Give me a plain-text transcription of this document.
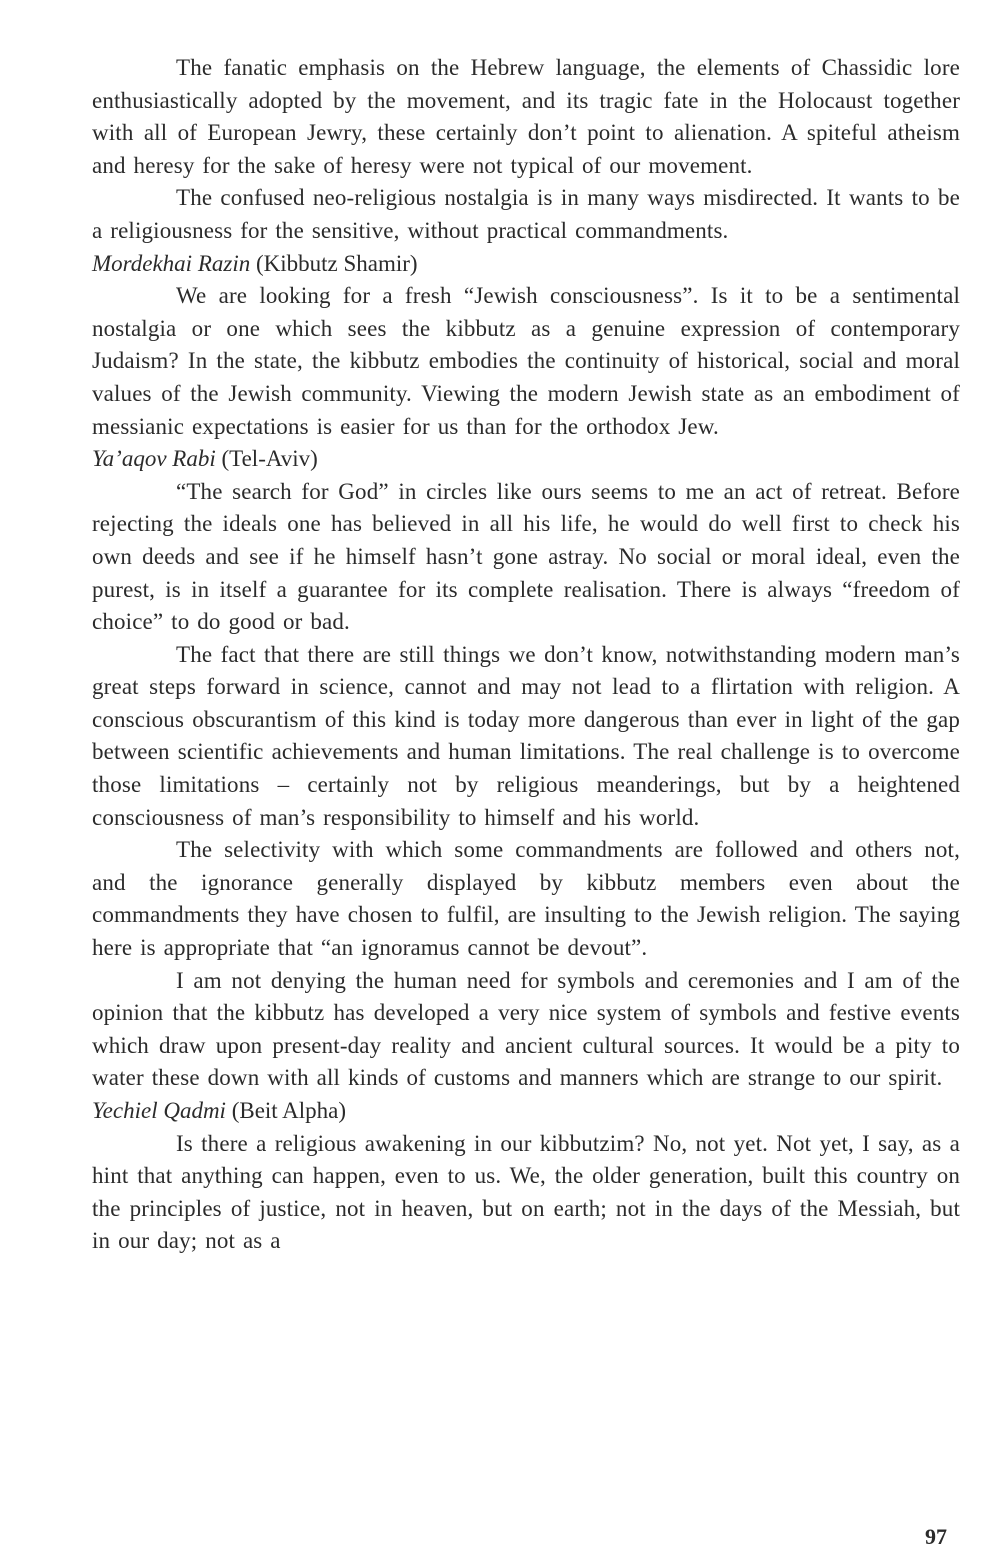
The fanatic emphasis on the Hebrew language, the elements of Chassidic lore enthusiastically adopted by the movement, and its tragic fate in the Holocaust together with all of European Jewry, these certainly don’t point to alienation. A spiteful atheism and heresy for the sake of heresy were not typical of our movement.

The confused neo-religious nostalgia is in many ways misdirected. It wants to be a religiousness for the sensitive, without practical commandments.

Mordekhai Razin (Kibbutz Shamir)

We are looking for a fresh “Jewish consciousness”. Is it to be a sentimental nostalgia or one which sees the kibbutz as a genuine expression of contemporary Judaism? In the state, the kibbutz embodies the continuity of historical, social and moral values of the Jewish community. Viewing the modern Jewish state as an embodiment of messianic expectations is easier for us than for the orthodox Jew.

Ya’aqov Rabi (Tel-Aviv)

“The search for God” in circles like ours seems to me an act of retreat. Before rejecting the ideals one has believed in all his life, he would do well first to check his own deeds and see if he himself hasn’t gone astray. No social or moral ideal, even the purest, is in itself a guarantee for its complete realisation. There is always “freedom of choice” to do good or bad.

The fact that there are still things we don’t know, notwithstanding modern man’s great steps forward in science, cannot and may not lead to a flirtation with religion. A conscious obscurantism of this kind is today more dangerous than ever in light of the gap between scientific achievements and human limitations. The real challenge is to overcome those limitations – certainly not by religious meanderings, but by a heightened consciousness of man’s responsibility to himself and his world.

The selectivity with which some commandments are followed and others not, and the ignorance generally displayed by kibbutz members even about the commandments they have chosen to fulfil, are insulting to the Jewish religion. The saying here is appropriate that “an ignoramus cannot be devout”.

I am not denying the human need for symbols and ceremonies and I am of the opinion that the kibbutz has developed a very nice system of symbols and festive events which draw upon present-day reality and ancient cultural sources. It would be a pity to water these down with all kinds of customs and manners which are strange to our spirit.

Yechiel Qadmi (Beit Alpha)

Is there a religious awakening in our kibbutzim? No, not yet. Not yet, I say, as a hint that anything can happen, even to us. We, the older generation, built this country on the principles of justice, not in heaven, but on earth; not in the days of the Messiah, but in our day; not as a

97
